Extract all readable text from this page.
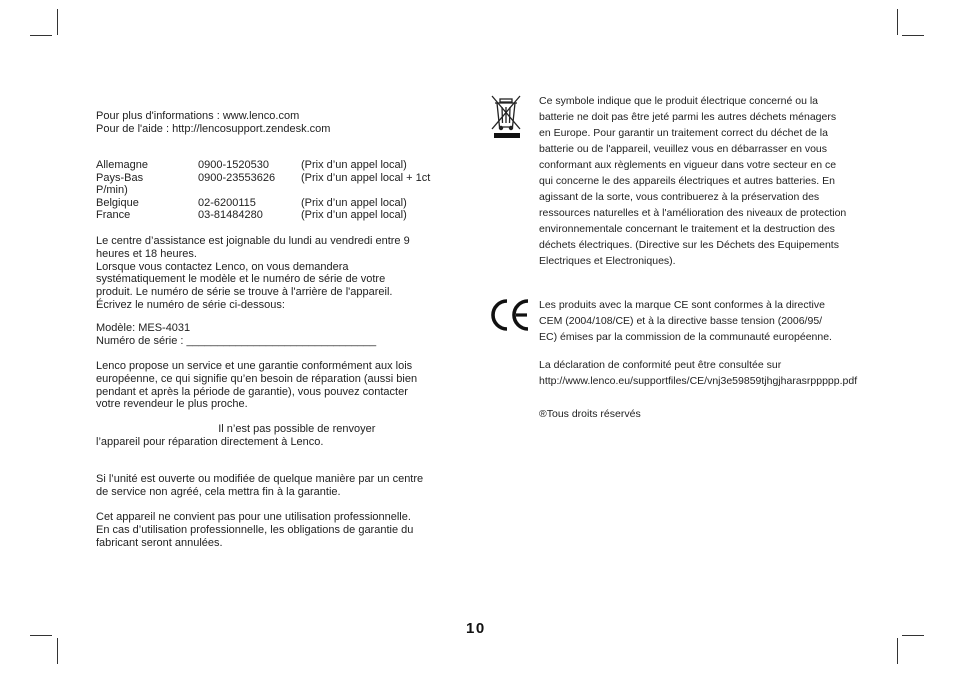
Pour plus d'informations : www.lenco.com
Pour de l'aide : http://lencosupport.zendesk.com
Allemagne	0900-1520530	(Prix d’un appel local)
Pays-Bas	0900-23553626	(Prix d’un appel local + 1ct
P/min)		
Belgique	02-6200115	(Prix d’un appel local)
France	03-81484280	(Prix d’un appel local)
Le centre d’assistance est joignable du lundi au vendredi entre 9
heures et 18 heures.
Lorsque vous contactez Lenco, on vous demandera
systématiquement le modèle et le numéro de série de votre
produit. Le numéro de série se trouve à l'arrière de l'appareil.
Écrivez le numéro de série ci-dessous:
Modèle: MES-4031
Numéro de série : _______________________________
Lenco propose un service et une garantie conformément aux lois
européenne, ce qui signifie qu’en besoin de réparation (aussi bien
pendant et après la période de garantie), vous pouvez contacter
votre revendeur le plus proche.
Il n’est pas possible de renvoyer
l’appareil pour réparation directement à Lenco.
Si l’unité est ouverte ou modifiée de quelque manière par un centre
de service non agréé, cela mettra fin à la garantie.
Cet appareil ne convient pas pour une utilisation professionnelle.
En cas d’utilisation professionnelle, les obligations de garantie du
fabricant seront annulées.
Ce symbole indique que le produit électrique concerné ou la
batterie ne doit pas être jeté parmi les autres déchets ménagers
en Europe. Pour garantir un traitement correct du déchet de la
batterie ou de l'appareil, veuillez vous en débarrasser en vous
conformant aux règlements en vigueur dans votre secteur en ce
qui concerne le des appareils électriques et autres batteries. En
agissant de la sorte, vous contribuerez à la préservation des
ressources naturelles et à l'amélioration des niveaux de protection
environnementale concernant le traitement et la destruction des
déchets électriques. (Directive sur les Déchets des Equipements
Electriques et Electroniques).
Les produits avec la marque CE sont conformes à la directive
CEM (2004/108/CE) et à la directive basse tension (2006/95/
EC) émises par la commission de la communauté européenne.
La déclaration de conformité peut être consultée sur
http://www.lenco.eu/supportfiles/CE/vnj3e59859tjhgjharasrppppp.pdf
®Tous droits réservés
10
